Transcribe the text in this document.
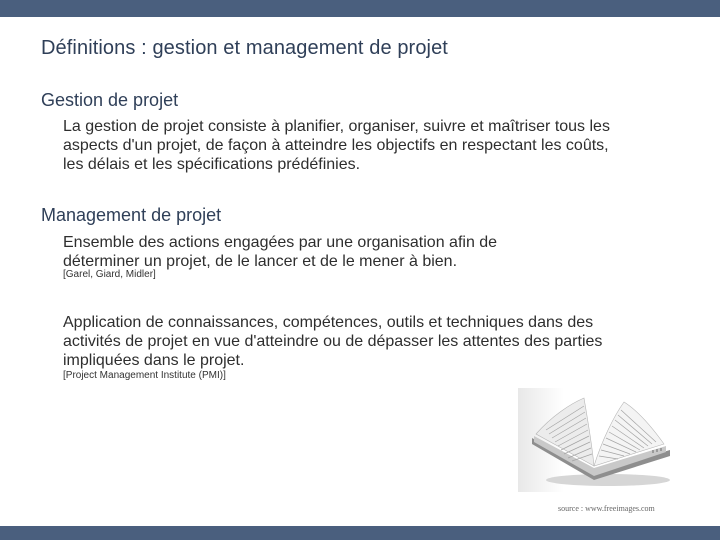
Définitions : gestion et management de projet
Gestion de projet
La gestion de projet consiste à planifier, organiser, suivre et maîtriser tous les aspects d'un projet, de façon à atteindre les objectifs en respectant les coûts, les délais et les spécifications prédéfinies.
Management de projet
Ensemble des actions engagées par une organisation afin de déterminer un projet, de le lancer et de le mener à bien.
[Garel, Giard, Midler]
Application de connaissances, compétences, outils et techniques dans des activités de projet en vue d'atteindre ou de dépasser les attentes des parties impliquées dans le projet.
[Project Management Institute (PMI)]
source : www.freeimages.com
